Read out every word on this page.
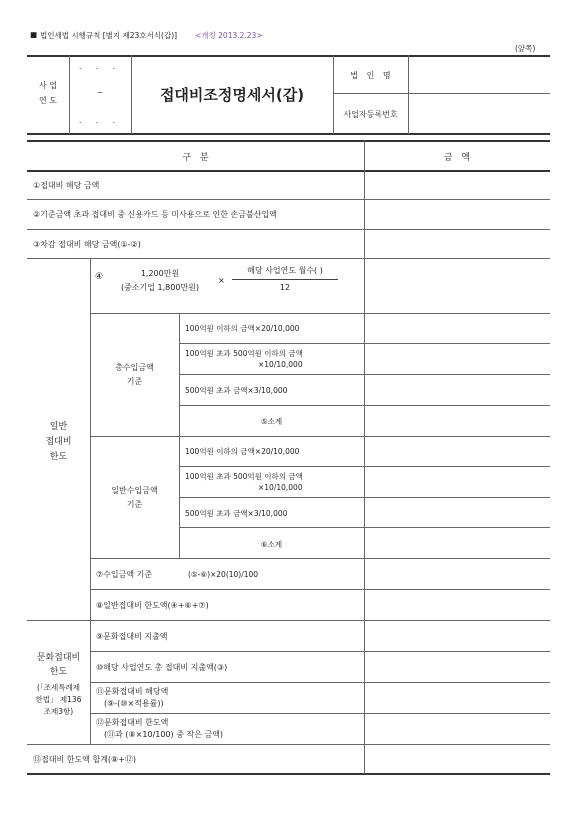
■ 법인세법 시행규칙 [별지 제23호서식(갑)] <개정 2013.2.23>
(앞쪽)
사 업
연 도
. . .
~
. . .
접대비조정명세서(갑)
법 인 명
사업자등록번호
구 분	금 액
①접대비 해당 금액
②기준금액 초과 접대비 중 신용카드 등 미사용으로 인한 손금불산입액
③차감 접대비 해당 금액(①-②)
일반
접대비
한도
④	1,200만원
(중소기업 1,800만원)
×
해당 사업연도 월수( )
12
총수입금액
기준
100억원 이하의 금액×20/10,000
100억원 초과 500억원 이하의 금액
×10/10,000
500억원 초과 금액×3/10,000
⑤소계
일반수입금액
기준
100억원 이하의 금액×20/10,000
100억원 초과 500억원 이하의 금액
×10/10,000
500억원 초과 금액×3/10,000
⑥소계
⑦수입금액 기준	(⑤-⑥)×20(10)/100
⑧일반접대비 한도액(④+⑥+⑦)
문화접대비
한도
(「조세특례제
한법」 제136
조제3항)
⑨문화접대비 지출액
⑩해당 사업연도 총 접대비 지출액(③)
⑪문화접대비 해당액
(⑨-(⑩×적용률))
⑫문화접대비 한도액
(⑪과 (⑧×10/100) 중 작은 금액)
⑬접대비 한도액 합계(⑧+⑫)
